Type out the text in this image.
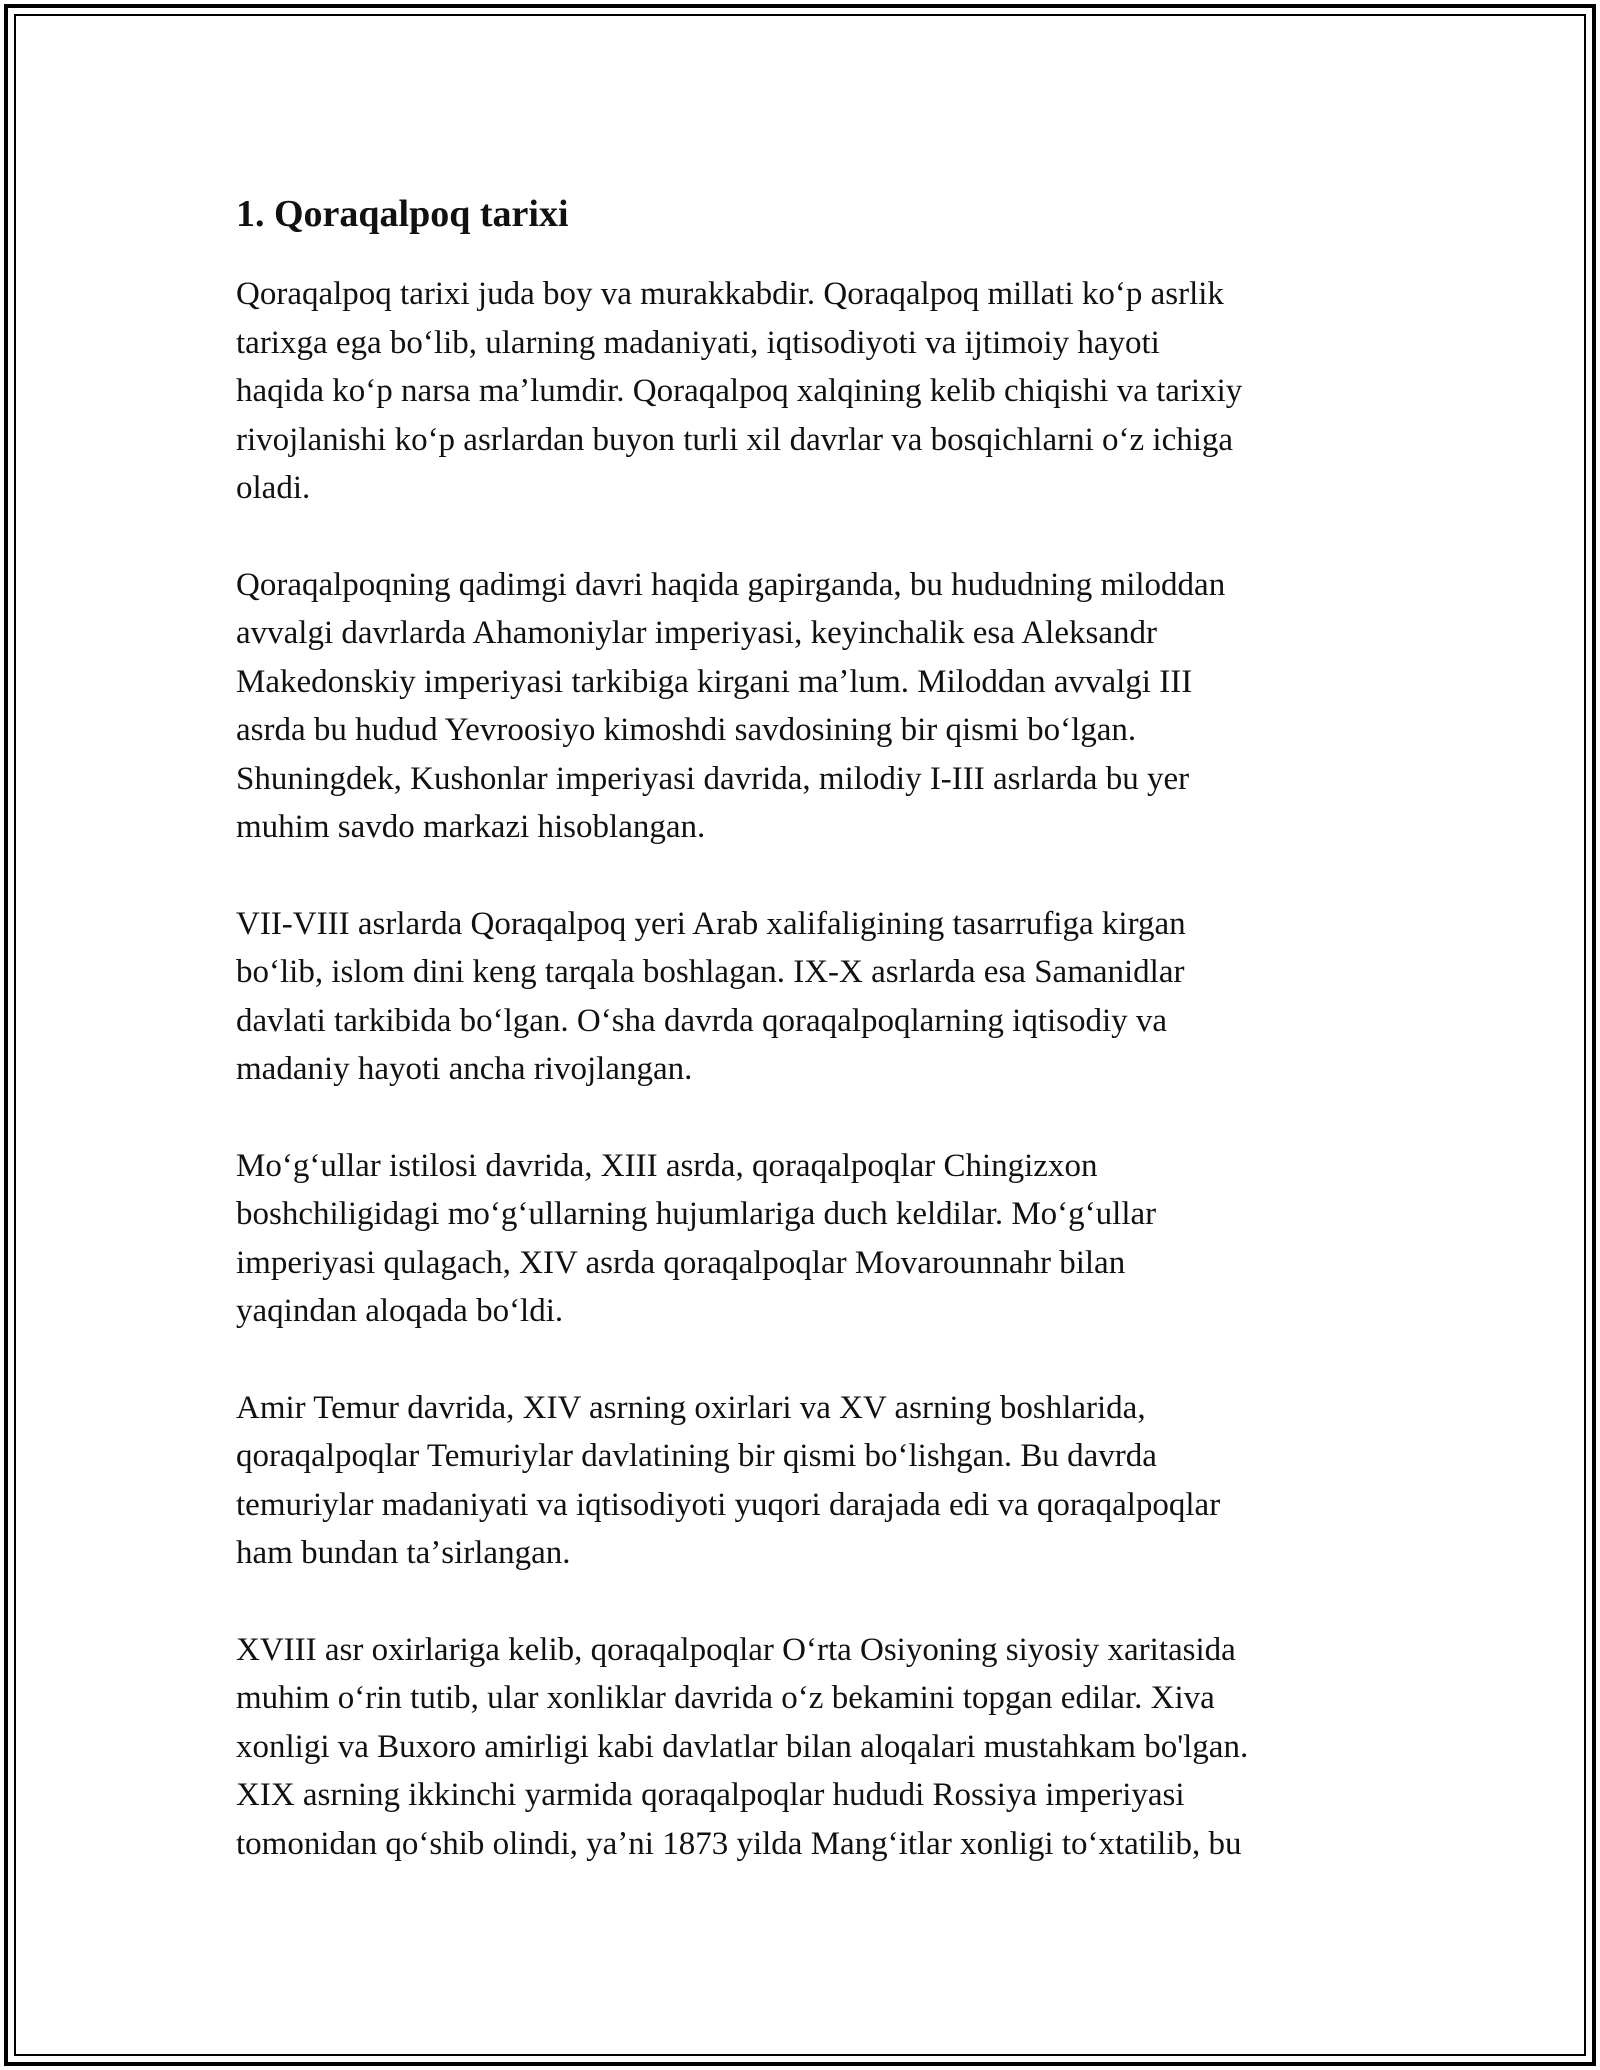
1. Qoraqalpoq tarixi

Qoraqalpoq tarixi juda boy va murakkabdir. Qoraqalpoq millati koʻp asrlik
tarixga ega boʻlib, ularning madaniyati, iqtisodiyoti va ijtimoiy hayoti
haqida koʻp narsa maʼlumdir. Qoraqalpoq xalqining kelib chiqishi va tarixiy
rivojlanishi koʻp asrlardan buyon turli xil davrlar va bosqichlarni oʻz ichiga
oladi.

Qoraqalpoqning qadimgi davri haqida gapirganda, bu hududning miloddan
avvalgi davrlarda Ahamoniylar imperiyasi, keyinchalik esa Aleksandr
Makedonskiy imperiyasi tarkibiga kirgani maʼlum. Miloddan avvalgi III
asrda bu hudud Yevroosiyo kimoshdi savdosining bir qismi boʻlgan.
Shuningdek, Kushonlar imperiyasi davrida, milodiy I-III asrlarda bu yer
muhim savdo markazi hisoblangan.

VII-VIII asrlarda Qoraqalpoq yeri Arab xalifaligining tasarrufiga kirgan
boʻlib, islom dini keng tarqala boshlagan. IX-X asrlarda esa Samanidlar
davlati tarkibida boʻlgan. Oʻsha davrda qoraqalpoqlarning iqtisodiy va
madaniy hayoti ancha rivojlangan.

Moʻgʻullar istilosi davrida, XIII asrda, qoraqalpoqlar Chingizxon
boshchiligidagi moʻgʻullarning hujumlariga duch keldilar. Moʻgʻullar
imperiyasi qulagach, XIV asrda qoraqalpoqlar Movarounnahr bilan
yaqindan aloqada boʻldi.

Amir Temur davrida, XIV asrning oxirlari va XV asrning boshlarida,
qoraqalpoqlar Temuriylar davlatining bir qismi boʻlishgan. Bu davrda
temuriylar madaniyati va iqtisodiyoti yuqori darajada edi va qoraqalpoqlar
ham bundan taʼsirlangan.

XVIII asr oxirlariga kelib, qoraqalpoqlar Oʻrta Osiyoning siyosiy xaritasida
muhim oʻrin tutib, ular xonliklar davrida oʻz bekamini topgan edilar. Xiva
xonligi va Buxoro amirligi kabi davlatlar bilan aloqalari mustahkam bo'lgan.
XIX asrning ikkinchi yarmida qoraqalpoqlar hududi Rossiya imperiyasi
tomonidan qoʻshib olindi, yaʼni 1873 yilda Mangʻitlar xonligi toʻxtatilib, bu
